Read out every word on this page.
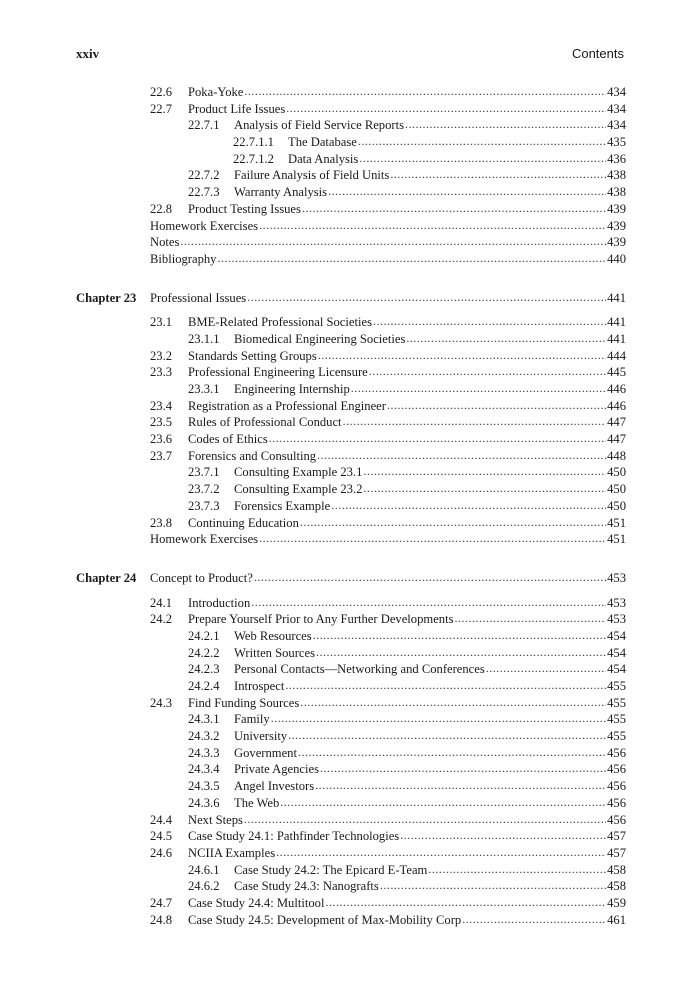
xxiv	Contents
22.6	Poka-Yoke .....	434
22.7	Product Life Issues .....	434
22.7.1	Analysis of Field Service Reports .....	434
22.7.1.1	The Database .....	435
22.7.1.2	Data Analysis .....	436
22.7.2	Failure Analysis of Field Units .....	438
22.7.3	Warranty Analysis .....	438
22.8	Product Testing Issues .....	439
Homework Exercises .....	439
Notes .....	439
Bibliography .....	440
Chapter 23	Professional Issues .....	441
23.1	BME-Related Professional Societies .....	441
23.1.1	Biomedical Engineering Societies .....	441
23.2	Standards Setting Groups .....	444
23.3	Professional Engineering Licensure .....	445
23.3.1	Engineering Internship .....	446
23.4	Registration as a Professional Engineer .....	446
23.5	Rules of Professional Conduct .....	447
23.6	Codes of Ethics .....	447
23.7	Forensics and Consulting .....	448
23.7.1	Consulting Example 23.1 .....	450
23.7.2	Consulting Example 23.2 .....	450
23.7.3	Forensics Example .....	450
23.8	Continuing Education .....	451
Homework Exercises .....	451
Chapter 24	Concept to Product? .....	453
24.1	Introduction .....	453
24.2	Prepare Yourself Prior to Any Further Developments .....	453
24.2.1	Web Resources .....	454
24.2.2	Written Sources .....	454
24.2.3	Personal Contacts—Networking and Conferences .....	454
24.2.4	Introspect .....	455
24.3	Find Funding Sources .....	455
24.3.1	Family .....	455
24.3.2	University .....	455
24.3.3	Government .....	456
24.3.4	Private Agencies .....	456
24.3.5	Angel Investors .....	456
24.3.6	The Web .....	456
24.4	Next Steps .....	456
24.5	Case Study 24.1: Pathfinder Technologies .....	457
24.6	NCIIA Examples .....	457
24.6.1	Case Study 24.2: The Epicard E-Team .....	458
24.6.2	Case Study 24.3: Nanografts .....	458
24.7	Case Study 24.4: Multitool .....	459
24.8	Case Study 24.5: Development of Max-Mobility Corp .....	461
